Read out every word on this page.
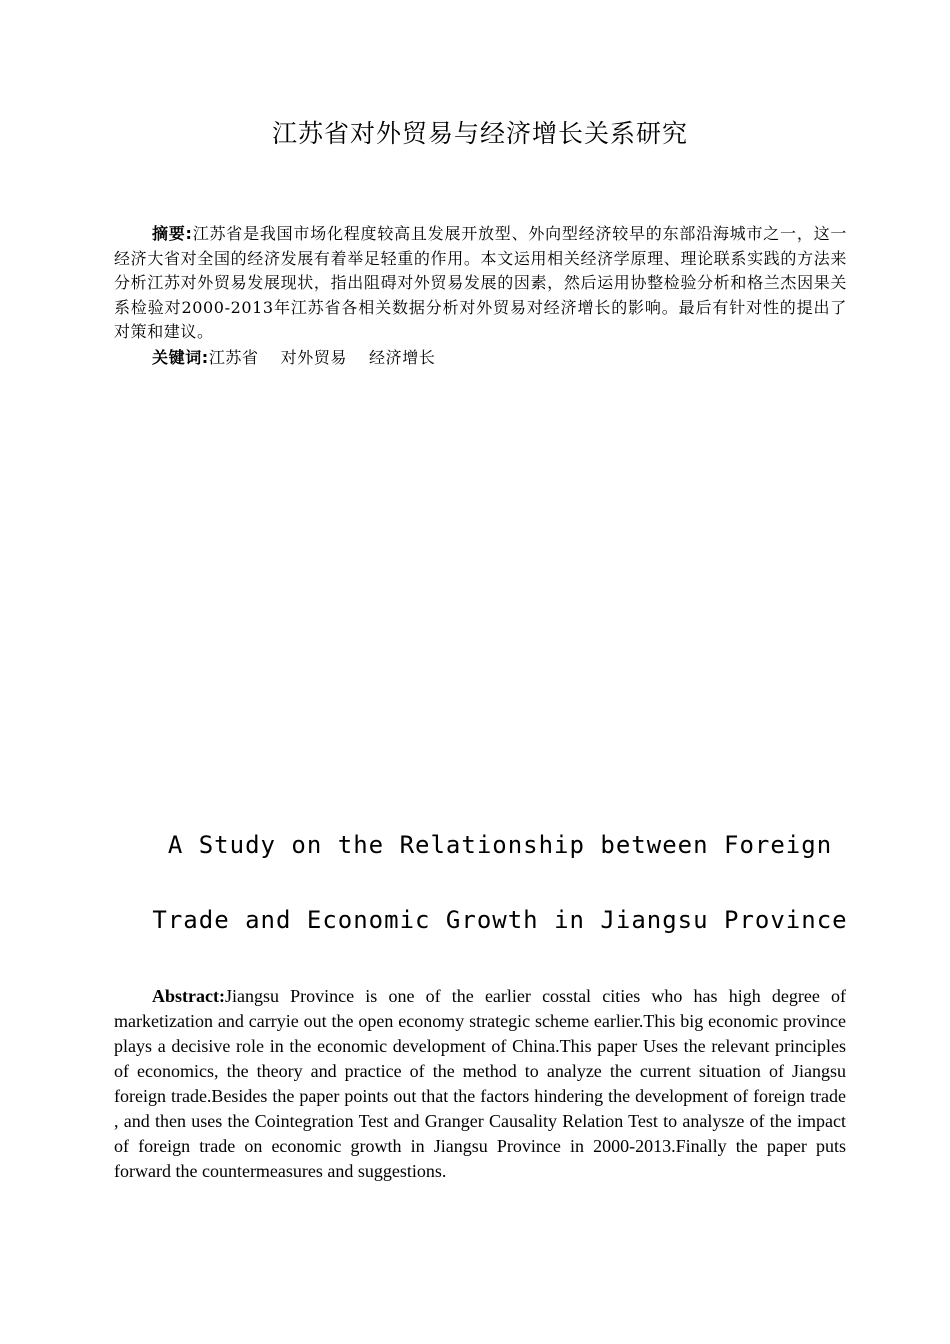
江苏省对外贸易与经济增长关系研究

摘要:江苏省是我国市场化程度较高且发展开放型、外向型经济较早的东部沿海城市之一，这一经济大省对全国的经济发展有着举足轻重的作用。本文运用相关经济学原理、理论联系实践的方法来分析江苏对外贸易发展现状，指出阻碍对外贸易发展的因素，然后运用协整检验分析和格兰杰因果关系检验对2000-2013年江苏省各相关数据分析对外贸易对经济增长的影响。最后有针对性的提出了对策和建议。

关键词:江苏省 对外贸易 经济增长

A Study on the Relationship between Foreign
Trade and Economic Growth in Jiangsu Province

Abstract:Jiangsu Province is one of the earlier cosstal cities who has high degree of marketization and carryie out the open economy strategic scheme earlier.This big economic province plays a decisive role in the economic development of China.This paper Uses the relevant principles of economics, the theory and practice of the method to analyze the current situation of Jiangsu foreign trade.Besides the paper points out that the factors hindering the development of foreign trade , and then uses the Cointegration Test and Granger Causality Relation Test to analysze of the impact of foreign trade on economic growth in Jiangsu Province in 2000-2013.Finally the paper puts forward the countermeasures and suggestions.
